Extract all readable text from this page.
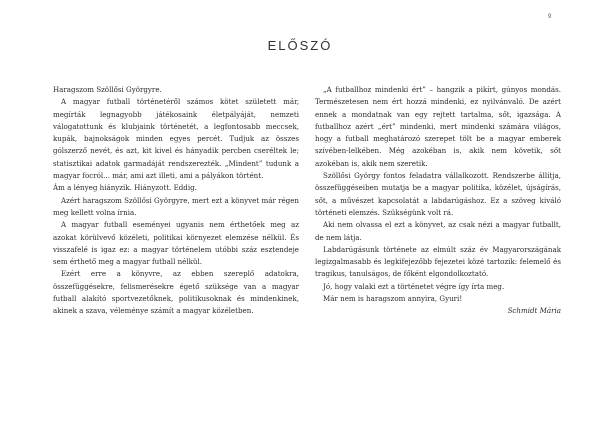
9
ELŐSZÓ

Haragszom Szöllősi Györgyre.

A magyar futball történetéről számos kötet született már, megírták legnagyobb játékosaink életpályáját, nemzeti válogatottunk és klubjaink történetét, a legfontosabb meccsek, kupák, bajnokságok minden egyes percét. Tudjuk az összes gólszerző nevét, és azt, kit kivel és hányadik percben cseréltek le; statisztikai adatok garmadáját rendszerezték. „Mindent” tudunk a magyar focról... már, ami azt illeti, ami a pályákon történt.

Ám a lényeg hiányzik. Hiányzott. Eddig.

Azért haragszom Szöllősi Györgyre, mert ezt a könyvet már régen meg kellett volna írnia.

A magyar futball eseményei ugyanis nem érthetőek meg az azokat körülvevő közéleti, politikai környezet elemzése nélkül. És visszafelé is igaz ez: a magyar történelem utóbbi száz esztendeje sem érthető meg a magyar futball nélkül.

Ezért erre a könyvre, az ebben szereplő adatokra, összefüggésekre, felismerésekre égető szüksége van a magyar futball alakító sportvezetőknek, politikusoknak és mindenkinek, akinek a szava, véleménye számít a magyar közéletben.

„A futballhoz mindenki ért” – hangzik a pikírt, gúnyos mondás. Természetesen nem ért hozzá mindenki, ez nyilvánvaló. De azért ennek a mondatnak van egy rejtett tartalma, sőt, igazsága. A futballhoz azért „ért” mindenki, mert mindenki számára világos, hogy a futball meghatározó szerepet tölt be a magyar emberek szívében-lelkében. Még azokéban is, akik nem követik, sőt azokéban is, akik nem szeretik.

Szöllősi György fontos feladatra vállalkozott. Rendszerbe állítja, összefüggéseiben mutatja be a magyar politika, közélet, újságírás, sőt, a művészet kapcsolatát a labdarúgáshoz. Ez a szöveg kiváló történeti elemzés. Szükségünk volt rá.

Aki nem olvassa el ezt a könyvet, az csak nézi a magyar futballt, de nem látja.

Labdarúgásunk története az elmúlt száz év Magyarországának legizgalmasabb és legkifejezőbb fejezetei közé tartozik: felemelő és tragikus, tanulságos, de főként elgondolkoztató.

Jó, hogy valaki ezt a történetet végre így írta meg.

Már nem is haragszom annyira, Gyuri!

Schmidt Mária
